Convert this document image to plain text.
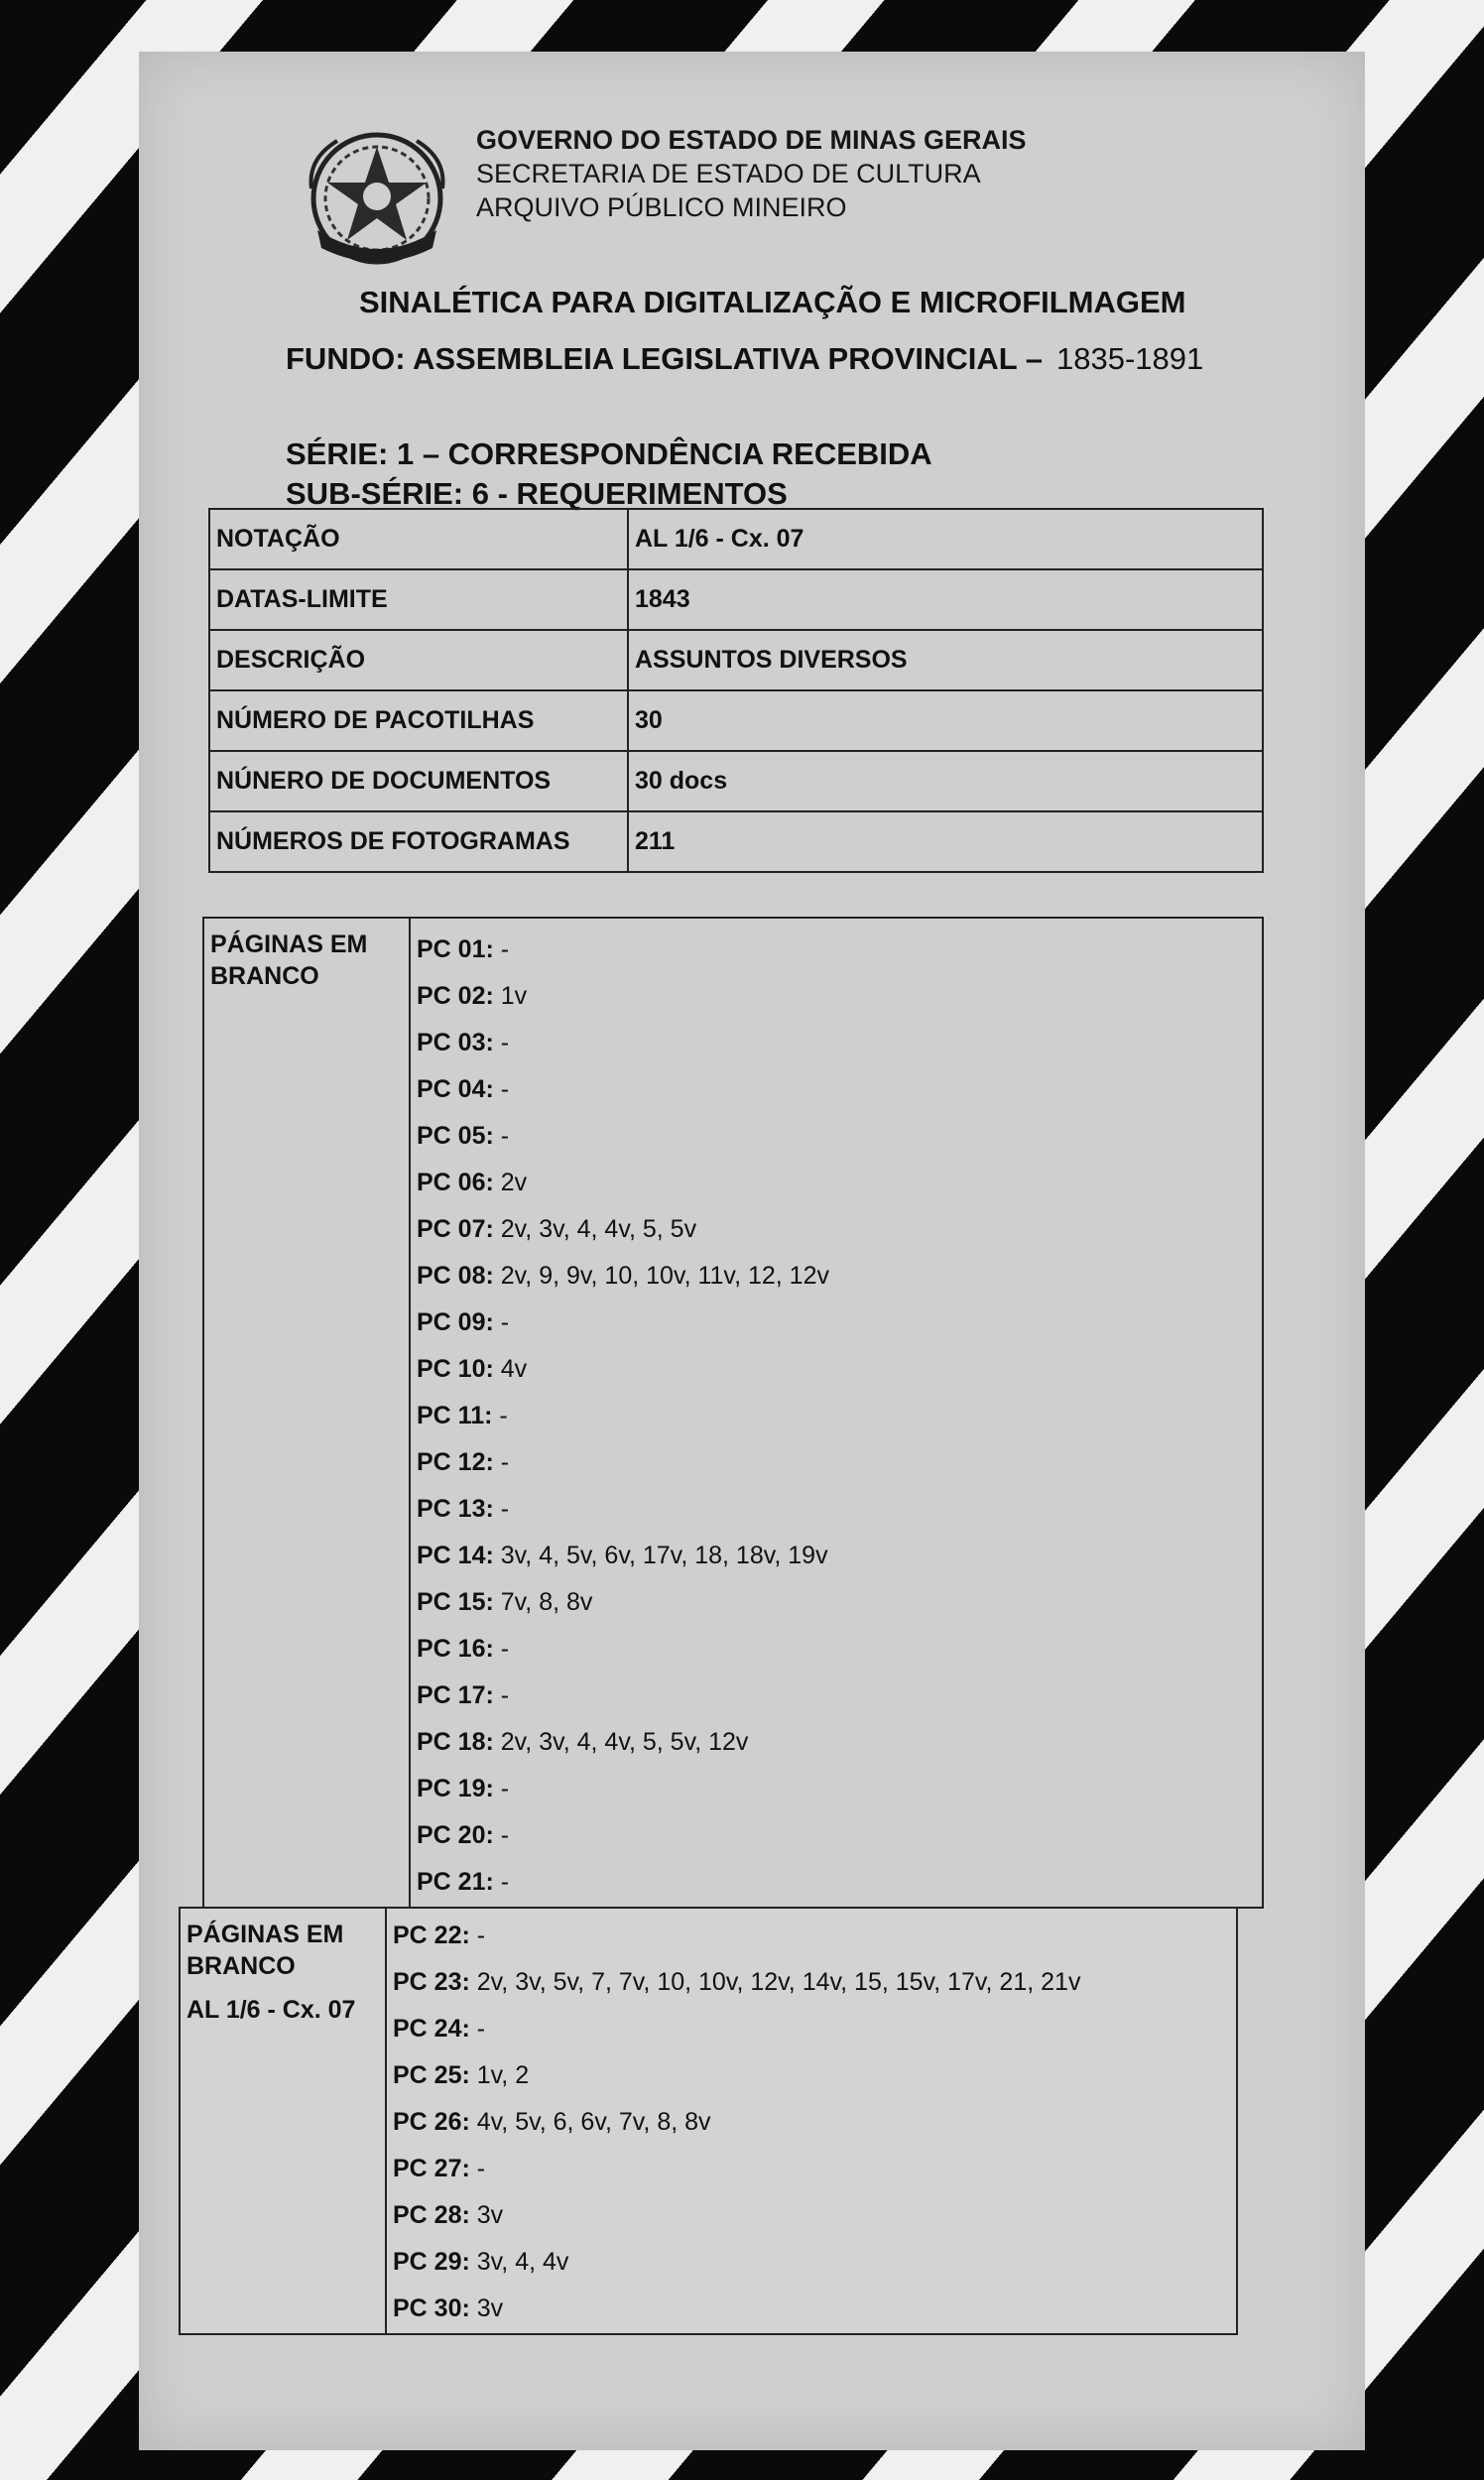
GOVERNO DO ESTADO DE MINAS GERAIS
SECRETARIA DE ESTADO DE CULTURA
ARQUIVO PÚBLICO MINEIRO
SINALÉTICA PARA DIGITALIZAÇÃO E MICROFILMAGEM
FUNDO: ASSEMBLEIA LEGISLATIVA PROVINCIAL – 1835-1891
SÉRIE: 1 – CORRESPONDÊNCIA RECEBIDA
SUB-SÉRIE: 6 - REQUERIMENTOS
NOTAÇÃO	AL 1/6 - Cx. 07
DATAS-LIMITE	1843
DESCRIÇÃO	ASSUNTOS DIVERSOS
NÚMERO DE PACOTILHAS	30
NÚNERO DE DOCUMENTOS	30 docs
NÚMEROS DE FOTOGRAMAS	211
PÁGINAS EM
BRANCO
PC 01: -
PC 02: 1v
PC 03: -
PC 04: -
PC 05: -
PC 06: 2v
PC 07: 2v, 3v, 4, 4v, 5, 5v
PC 08: 2v, 9, 9v, 10, 10v, 11v, 12, 12v
PC 09: -
PC 10: 4v
PC 11: -
PC 12: -
PC 13: -
PC 14: 3v, 4, 5v, 6v, 17v, 18, 18v, 19v
PC 15: 7v, 8, 8v
PC 16: -
PC 17: -
PC 18: 2v, 3v, 4, 4v, 5, 5v, 12v
PC 19: -
PC 20: -
PC 21: -
PÁGINAS EM
BRANCO
AL 1/6 - Cx. 07
PC 22: -
PC 23: 2v, 3v, 5v, 7, 7v, 10, 10v, 12v, 14v, 15, 15v, 17v, 21, 21v
PC 24: -
PC 25: 1v, 2
PC 26: 4v, 5v, 6, 6v, 7v, 8, 8v
PC 27: -
PC 28: 3v
PC 29: 3v, 4, 4v
PC 30: 3v
